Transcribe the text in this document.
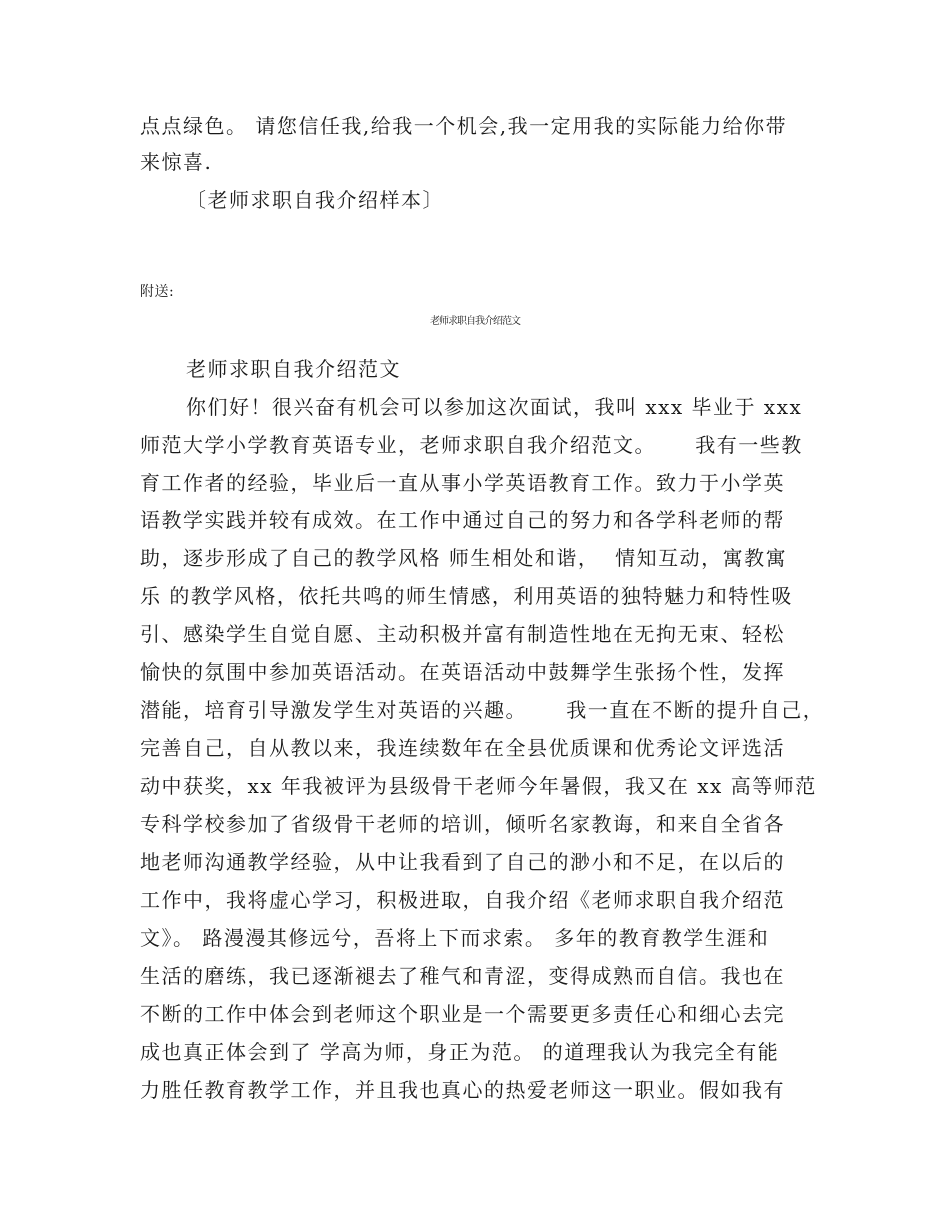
点点绿色。 请您信任我,给我一个机会,我一定用我的实际能力给你带
来惊喜.
〔老师求职自我介绍样本〕
附送:
老师求职自我介绍范文
老师求职自我介绍范文
你们好！很兴奋有机会可以参加这次面试，我叫 xxx 毕业于 xxx
师范大学小学教育英语专业，老师求职自我介绍范文。     我有一些教
育工作者的经验，毕业后一直从事小学英语教育工作。致力于小学英
语教学实践并较有成效。在工作中通过自己的努力和各学科老师的帮
助，逐步形成了自己的教学风格 师生相处和谐，  情知互动，寓教寓
乐 的教学风格，依托共鸣的师生情感，利用英语的独特魅力和特性吸
引、感染学生自觉自愿、主动积极并富有制造性地在无拘无束、轻松
愉快的氛围中参加英语活动。在英语活动中鼓舞学生张扬个性，发挥
潜能，培育引导激发学生对英语的兴趣。     我一直在不断的提升自己，
完善自己，自从教以来，我连续数年在全县优质课和优秀论文评选活
动中获奖，xx 年我被评为县级骨干老师今年暑假，我又在 xx 高等师范
专科学校参加了省级骨干老师的培训，倾听名家教诲，和来自全省各
地老师沟通教学经验，从中让我看到了自己的渺小和不足，在以后的
工作中，我将虚心学习，积极进取，自我介绍《老师求职自我介绍范
文》。 路漫漫其修远兮，吾将上下而求索。 多年的教育教学生涯和
生活的磨练，我已逐渐褪去了稚气和青涩，变得成熟而自信。我也在
不断的工作中体会到老师这个职业是一个需要更多责任心和细心去完
成也真正体会到了 学高为师，身正为范。 的道理我认为我完全有能
力胜任教育教学工作，并且我也真心的热爱老师这一职业。假如我有
